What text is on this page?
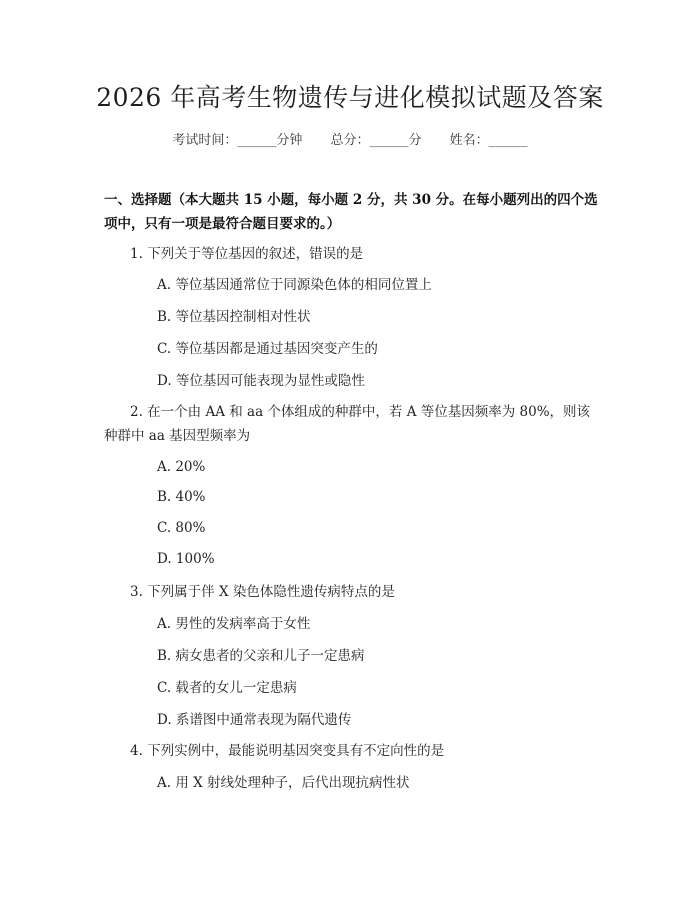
2026 年高考生物遗传与进化模拟试题及答案
考试时间：______分钟 总分：______分 姓名：______
一、选择题（本大题共 15 小题，每小题 2 分，共 30 分。在每小题列出的四个选项中，只有一项是最符合题目要求的。）
1. 下列关于等位基因的叙述，错误的是
A. 等位基因通常位于同源染色体的相同位置上
B. 等位基因控制相对性状
C. 等位基因都是通过基因突变产生的
D. 等位基因可能表现为显性或隐性
2. 在一个由 AA 和 aa 个体组成的种群中，若 A 等位基因频率为 80%，则该种群中 aa 基因型频率为
A. 20%
B. 40%
C. 80%
D. 100%
3. 下列属于伴 X 染色体隐性遗传病特点的是
A. 男性的发病率高于女性
B. 病女患者的父亲和儿子一定患病
C. 载者的女儿一定患病
D. 系谱图中通常表现为隔代遗传
4. 下列实例中，最能说明基因突变具有不定向性的是
A. 用 X 射线处理种子，后代出现抗病性状
